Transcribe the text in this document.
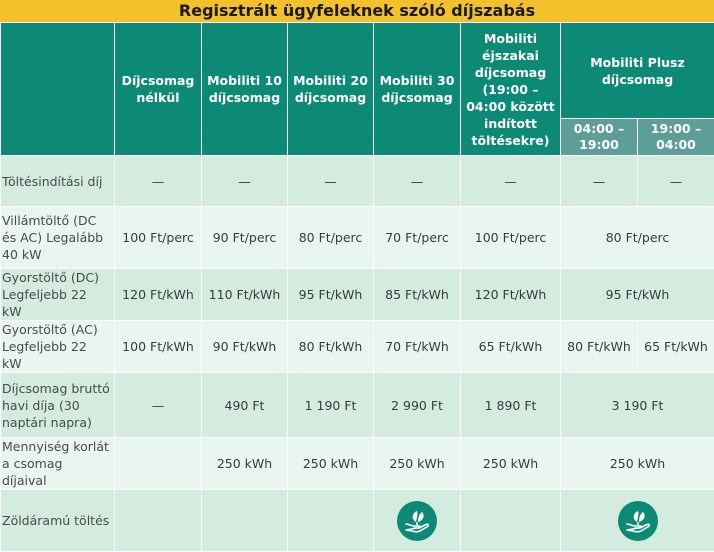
Regisztrált ügyfeleknek szóló díjszabás
	Díjcsomag nélkül	Mobiliti 10 díjcsomag	Mobiliti 20 díjcsomag	Mobiliti 30 díjcsomag	Mobiliti éjszakai díjcsomag (19:00 – 04:00 között indított töltésekre)	Mobiliti Plusz díjcsomag	
						04:00 – 19:00	19:00 – 04:00
Töltésindítási díj	—	—	—	—	—	—	—
Villámtöltő (DC és AC) Legalább 40 kW	100 Ft/perc	90 Ft/perc	80 Ft/perc	70 Ft/perc	100 Ft/perc	80 Ft/perc	
Gyorstöltő (DC) Legfeljebb 22 kW	120 Ft/kWh	110 Ft/kWh	95 Ft/kWh	85 Ft/kWh	120 Ft/kWh	95 Ft/kWh	
Gyorstöltő (AC) Legfeljebb 22 kW	100 Ft/kWh	90 Ft/kWh	80 Ft/kWh	70 Ft/kWh	65 Ft/kWh	80 Ft/kWh	65 Ft/kWh
Díjcsomag bruttó havi díja (30 naptári napra)	—	490 Ft	1 190 Ft	2 990 Ft	1 890 Ft	3 190 Ft	
Mennyiség korlát a csomag díjaival		250 kWh	250 kWh	250 kWh	250 kWh	250 kWh	
Zöldáramú töltés				
